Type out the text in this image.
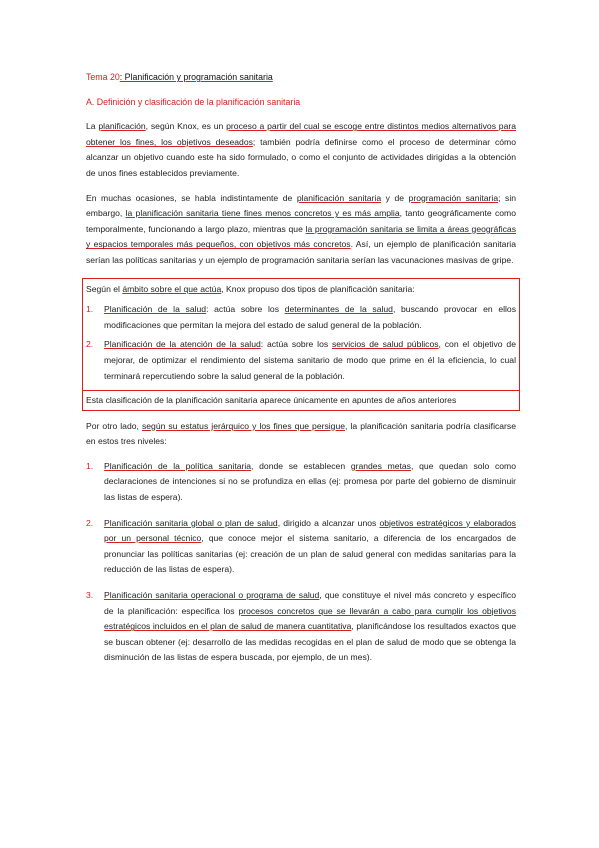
Tema 20: Planificación y programación sanitaria
A. Definición y clasificación de la planificación sanitaria

La planificación, según Knox, es un proceso a partir del cual se escoge entre distintos medios alternativos para obtener los fines, los objetivos deseados; también podría definirse como el proceso de determinar cómo alcanzar un objetivo cuando este ha sido formulado, o como el conjunto de actividades dirigidas a la obtención de unos fines establecidos previamente.

En muchas ocasiones, se habla indistintamente de planificación sanitaria y de programación sanitaria; sin embargo, la planificación sanitaria tiene fines menos concretos y es más amplia, tanto geográficamente como temporalmente, funcionando a largo plazo, mientras que la programación sanitaria se limita a áreas geográficas y espacios temporales más pequeños, con objetivos más concretos. Así, un ejemplo de planificación sanitaria serían las políticas sanitarias y un ejemplo de programación sanitaria serían las vacunaciones masivas de gripe.

Según el ámbito sobre el que actúa, Knox propuso dos tipos de planificación sanitaria:

1. Planificación de la salud: actúa sobre los determinantes de la salud, buscando provocar en ellos modificaciones que permitan la mejora del estado de salud general de la población.
2. Planificación de la atención de la salud: actúa sobre los servicios de salud públicos, con el objetivo de mejorar, de optimizar el rendimiento del sistema sanitario de modo que prime en él la eficiencia, lo cual terminará repercutiendo sobre la salud general de la población.
Esta clasificación de la planificación sanitaria aparece únicamente en apuntes de años anteriores

Por otro lado, según su estatus jerárquico y los fines que persigue, la planificación sanitaria podría clasificarse en estos tres niveles:

1. Planificación de la política sanitaria, donde se establecen grandes metas, que quedan solo como declaraciones de intenciones si no se profundiza en ellas (ej: promesa por parte del gobierno de disminuir las listas de espera).
2. Planificación sanitaria global o plan de salud, dirigido a alcanzar unos objetivos estratégicos y elaborados por un personal técnico, que conoce mejor el sistema sanitario, a diferencia de los encargados de pronunciar las políticas sanitarias (ej: creación de un plan de salud general con medidas sanitarias para la reducción de las listas de espera).
3. Planificación sanitaria operacional o programa de salud, que constituye el nivel más concreto y específico de la planificación: especifica los procesos concretos que se llevarán a cabo para cumplir los objetivos estratégicos incluidos en el plan de salud de manera cuantitativa, planificándose los resultados exactos que se buscan obtener (ej: desarrollo de las medidas recogidas en el plan de salud de modo que se obtenga la disminución de las listas de espera buscada, por ejemplo, de un mes).
